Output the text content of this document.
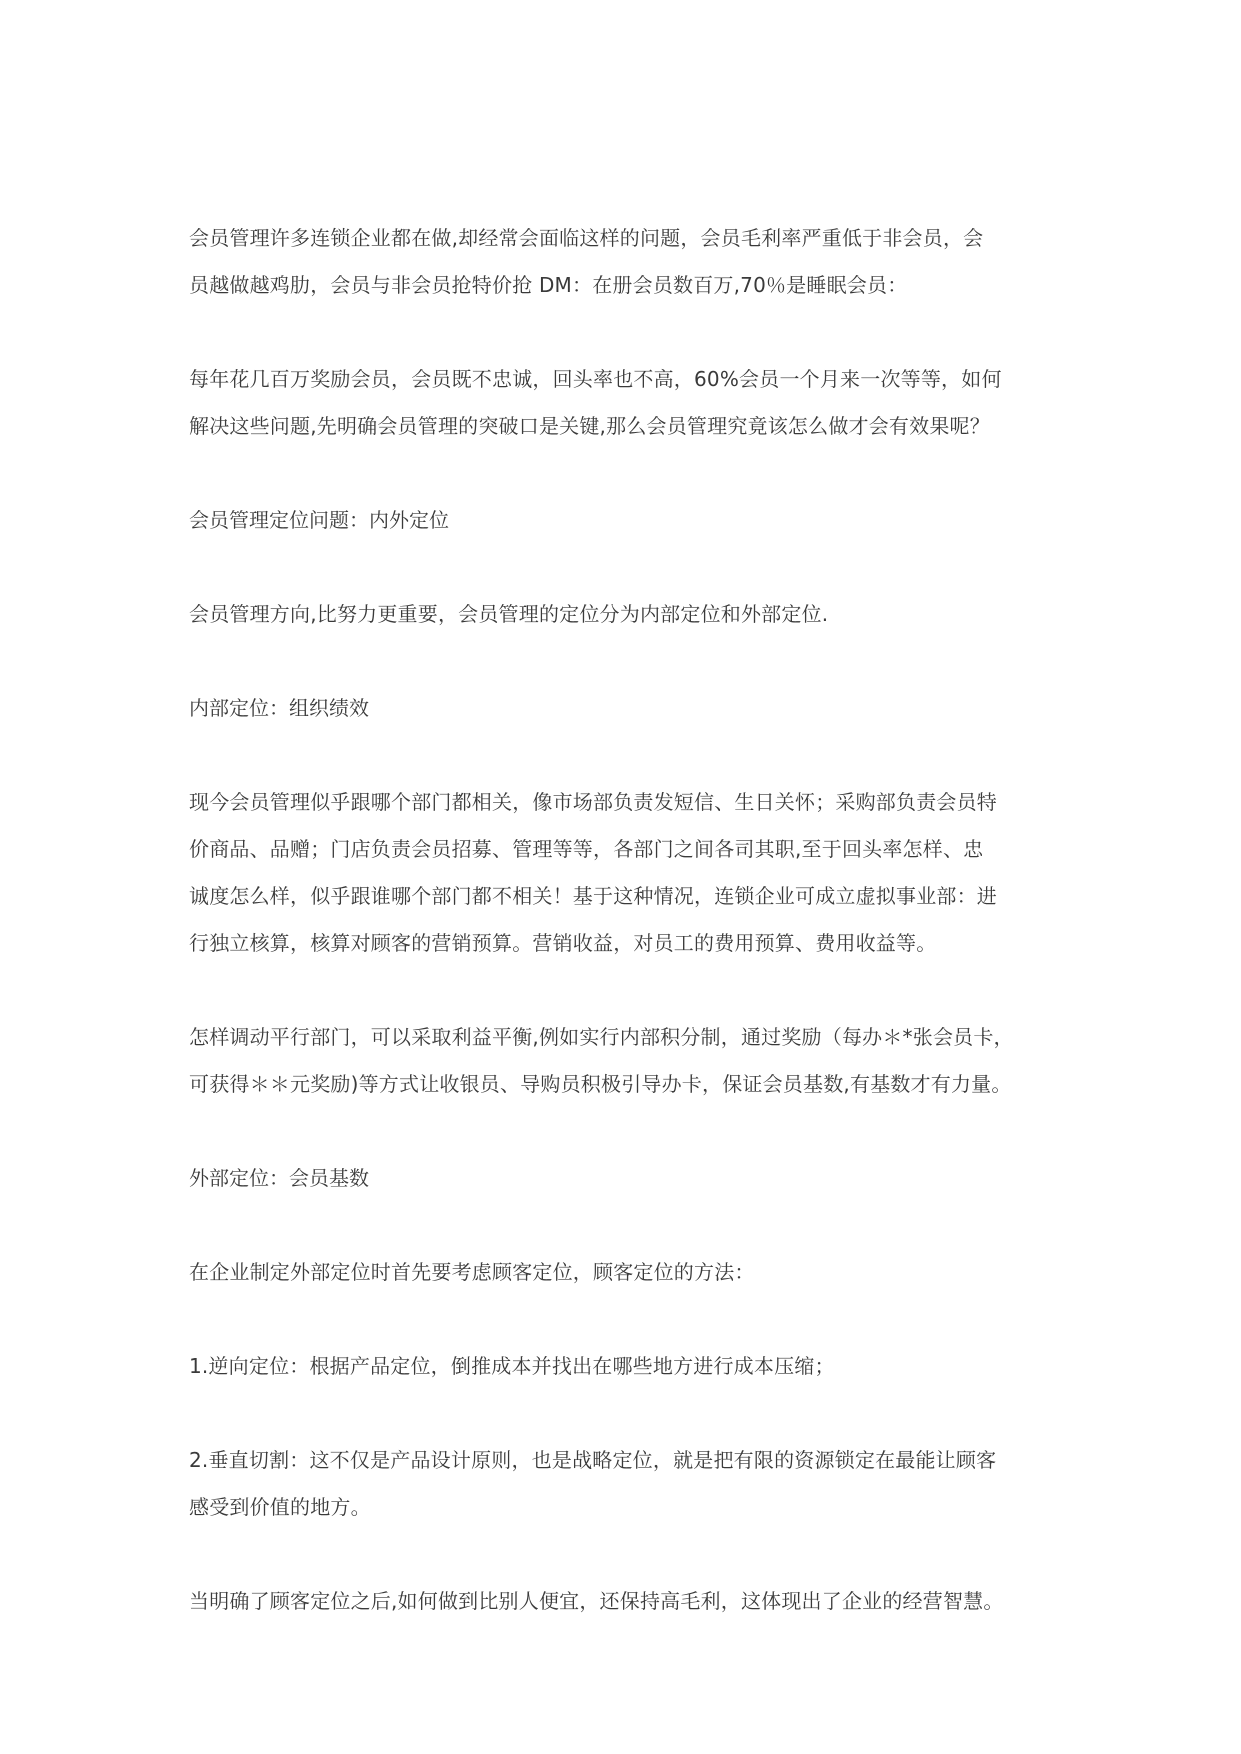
会员管理许多连锁企业都在做,却经常会面临这样的问题，会员毛利率严重低于非会员，会
员越做越鸡肋，会员与非会员抢特价抢 DM：在册会员数百万,70％是睡眠会员：

每年花几百万奖励会员，会员既不忠诚，回头率也不高，60%会员一个月来一次等等，如何
解决这些问题,先明确会员管理的突破口是关键,那么会员管理究竟该怎么做才会有效果呢？

会员管理定位问题：内外定位

会员管理方向,比努力更重要，会员管理的定位分为内部定位和外部定位.

内部定位：组织绩效

现今会员管理似乎跟哪个部门都相关，像市场部负责发短信、生日关怀；采购部负责会员特
价商品、品赠；门店负责会员招募、管理等等，各部门之间各司其职,至于回头率怎样、忠
诚度怎么样，似乎跟谁哪个部门都不相关！基于这种情况，连锁企业可成立虚拟事业部：进
行独立核算，核算对顾客的营销预算。营销收益，对员工的费用预算、费用收益等。

怎样调动平行部门，可以采取利益平衡,例如实行内部积分制，通过奖励（每办＊*张会员卡，
可获得＊＊元奖励)等方式让收银员、导购员积极引导办卡，保证会员基数,有基数才有力量。

外部定位：会员基数

在企业制定外部定位时首先要考虑顾客定位，顾客定位的方法：

1.逆向定位：根据产品定位，倒推成本并找出在哪些地方进行成本压缩；

2.垂直切割：这不仅是产品设计原则，也是战略定位，就是把有限的资源锁定在最能让顾客
感受到价值的地方。

当明确了顾客定位之后,如何做到比别人便宜，还保持高毛利，这体现出了企业的经营智慧。
